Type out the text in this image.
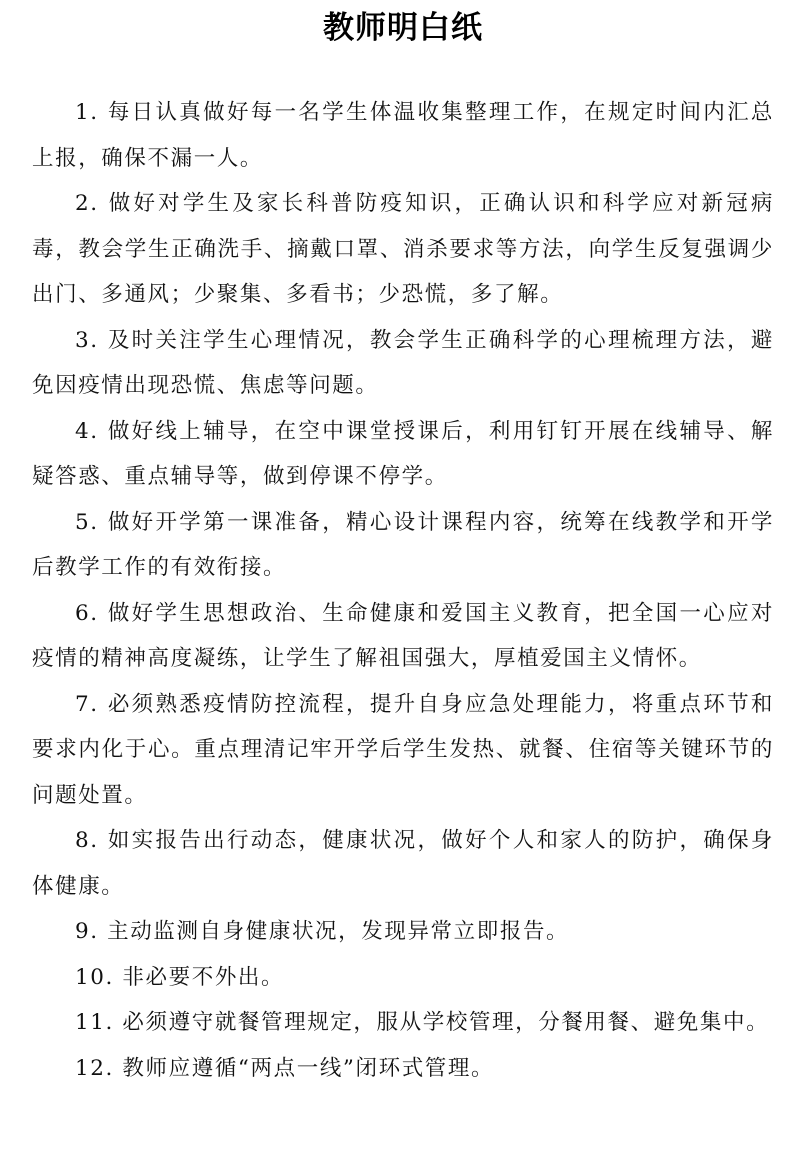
教师明白纸
1. 每日认真做好每一名学生体温收集整理工作，在规定时间内汇总上报，确保不漏一人。
2. 做好对学生及家长科普防疫知识，正确认识和科学应对新冠病毒，教会学生正确洗手、摘戴口罩、消杀要求等方法，向学生反复强调少出门、多通风；少聚集、多看书；少恐慌，多了解。
3. 及时关注学生心理情况，教会学生正确科学的心理梳理方法，避免因疫情出现恐慌、焦虑等问题。
4. 做好线上辅导，在空中课堂授课后，利用钉钉开展在线辅导、解疑答惑、重点辅导等，做到停课不停学。
5. 做好开学第一课准备，精心设计课程内容，统筹在线教学和开学后教学工作的有效衔接。
6. 做好学生思想政治、生命健康和爱国主义教育，把全国一心应对疫情的精神高度凝练，让学生了解祖国强大，厚植爱国主义情怀。
7. 必须熟悉疫情防控流程，提升自身应急处理能力，将重点环节和要求内化于心。重点理清记牢开学后学生发热、就餐、住宿等关键环节的问题处置。
8. 如实报告出行动态，健康状况，做好个人和家人的防护，确保身体健康。
9. 主动监测自身健康状况，发现异常立即报告。
10. 非必要不外出。
11. 必须遵守就餐管理规定，服从学校管理，分餐用餐、避免集中。
12. 教师应遵循“两点一线”闭环式管理。
